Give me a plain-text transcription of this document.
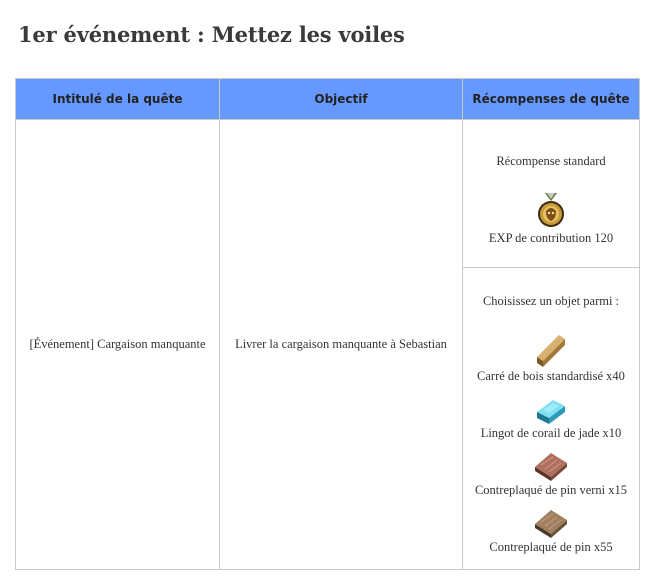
1er événement : Mettez les voiles
Intitulé de la quête	Objectif	Récompenses de quête
[Événement] Cargaison manquante	Livrer la cargaison manquante à Sebastian	Récompense standard
EXP de contribution 120

		Choisissez un objet parmi :
Carré de bois standardisé x40
Lingot de corail de jade x10
Contreplaqué de pin verni x15
Contreplaqué de pin x55
